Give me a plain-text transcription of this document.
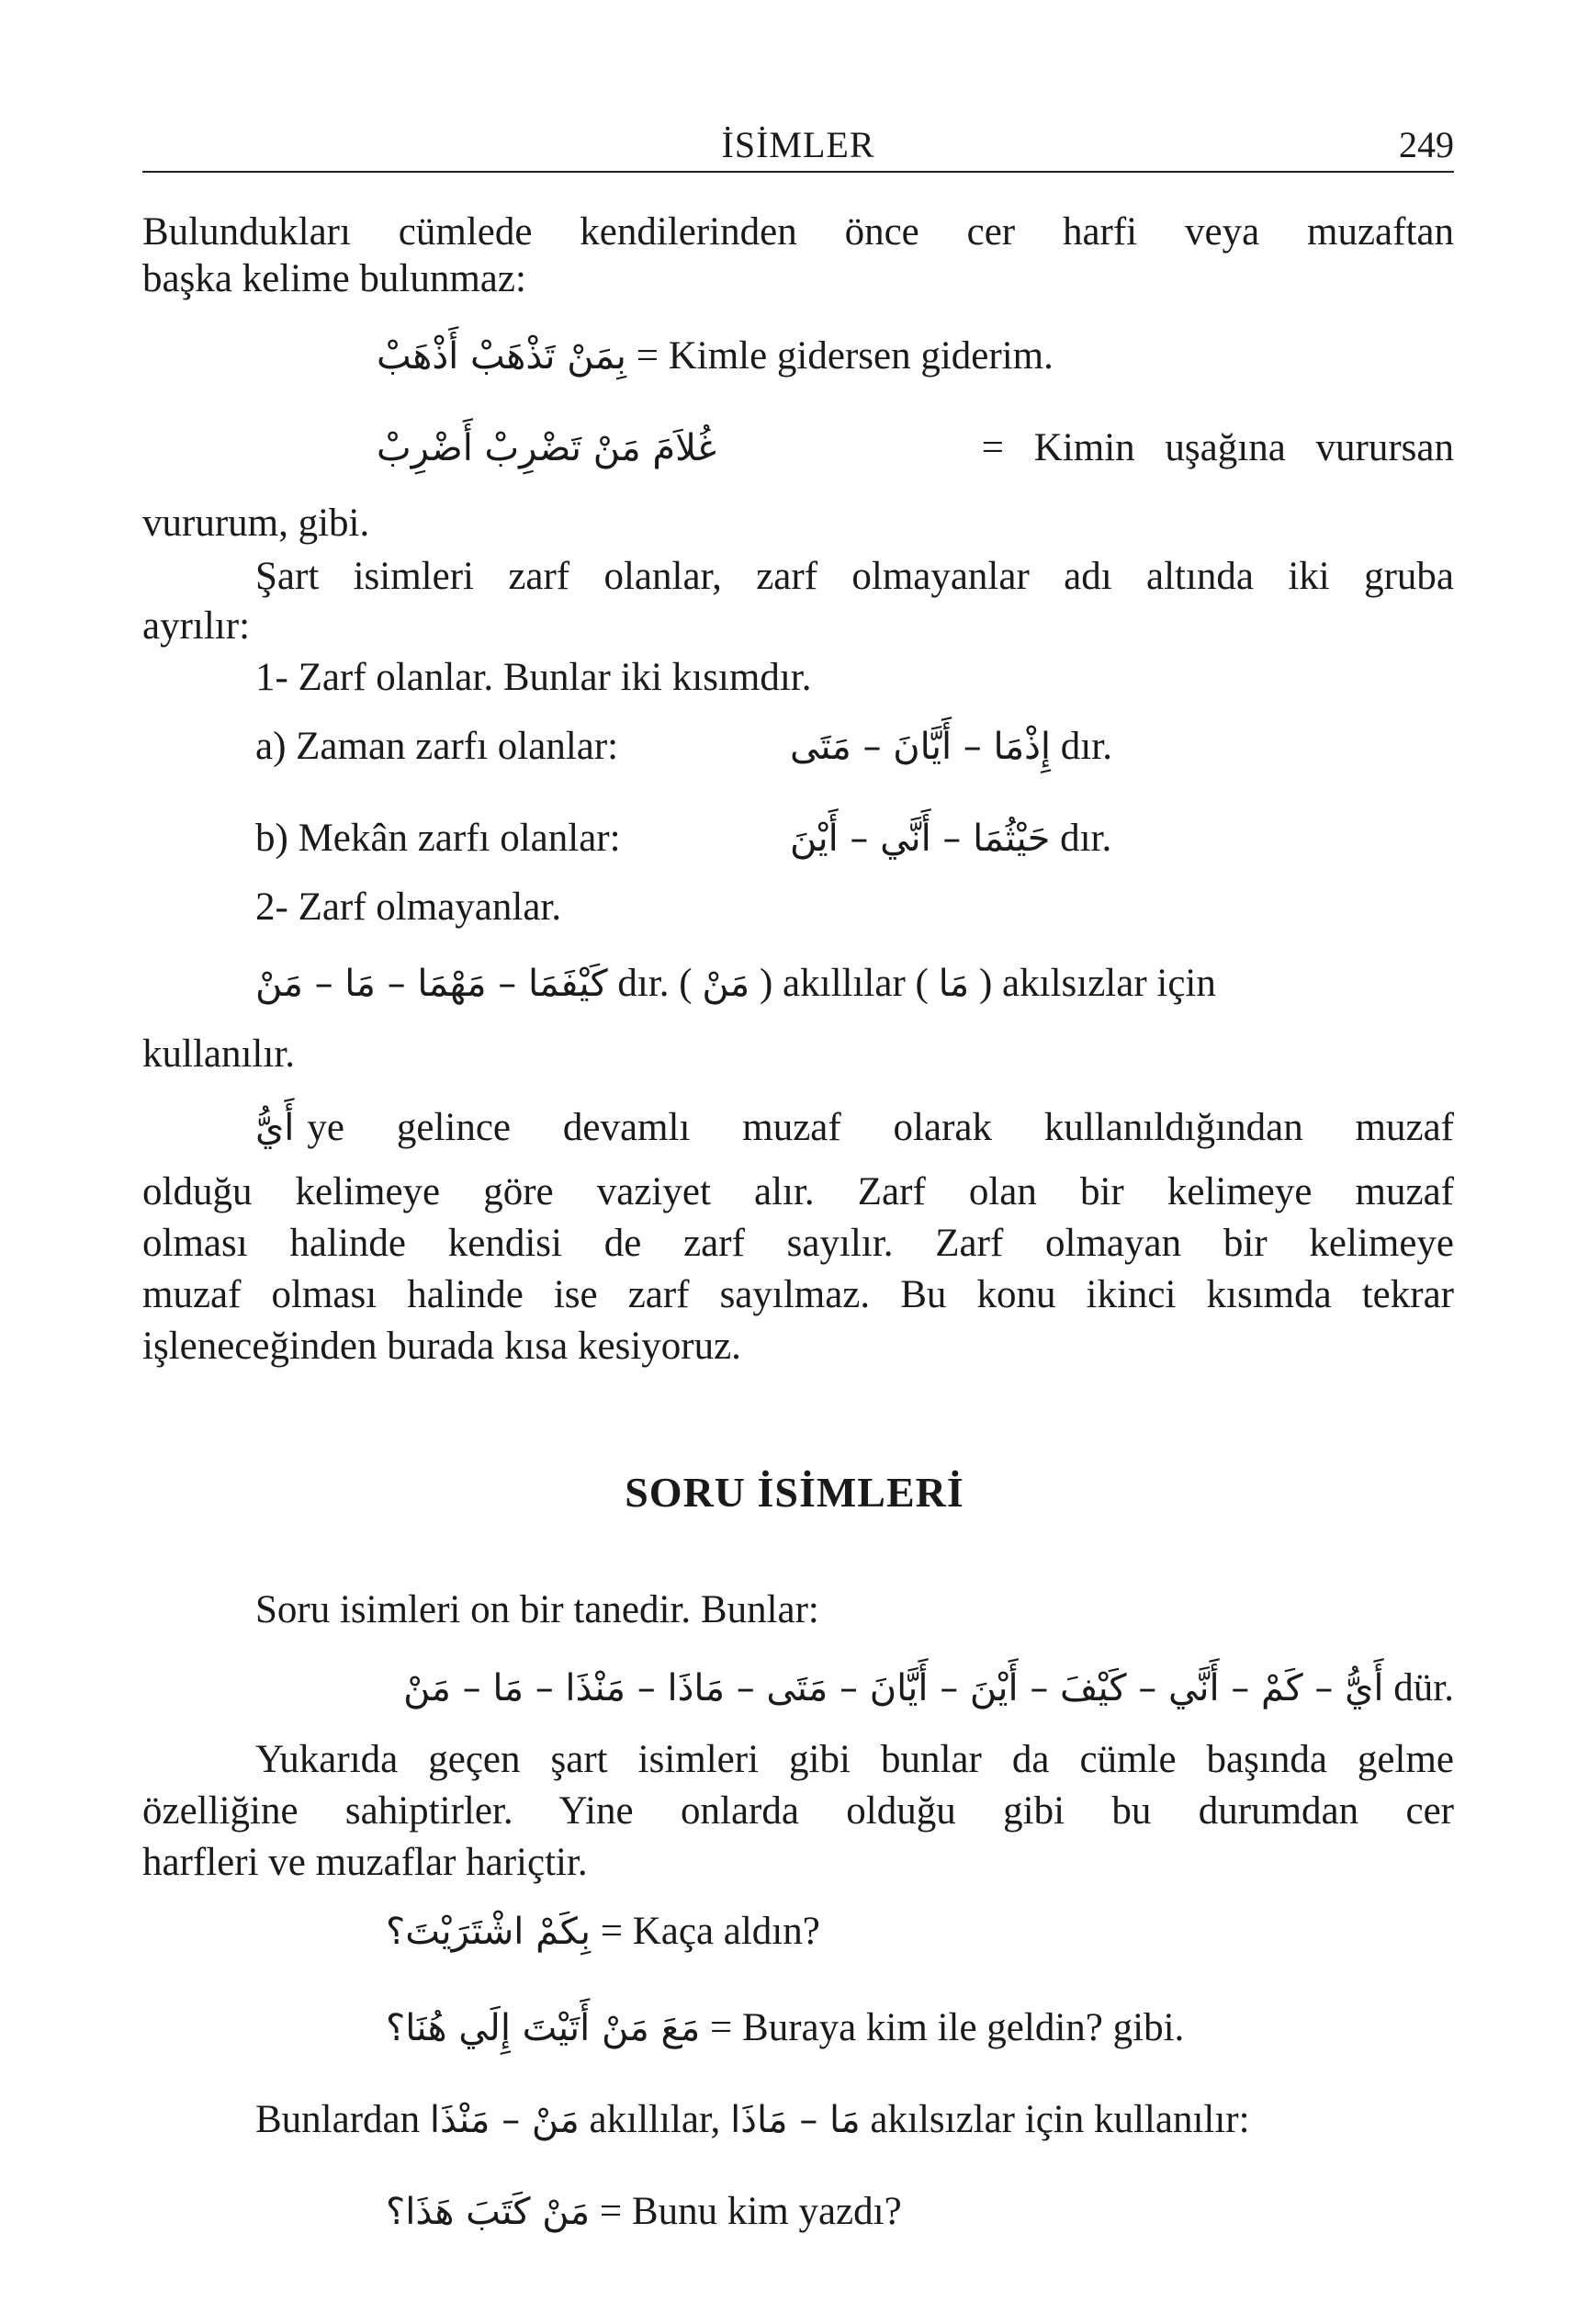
İSİMLER	249
Bulundukları cümlede kendilerinden önce cer harfi veya muzaftan
başka kelime bulunmaz:
بِمَنْ تَذْهَبْ أَذْهَبْ = Kimle gidersen giderim.
غُلاَمَ مَنْ تَضْرِبْ أَضْرِبْ	= Kimin uşağına vurursan
vururum, gibi.
Şart isimleri zarf olanlar, zarf olmayanlar adı altında iki gruba
ayrılır:
1- Zarf olanlar. Bunlar iki kısımdır.
a) Zaman zarfı olanlar:	إِذْمَا – أَيَّانَ – مَتَى dır.
b) Mekân zarfı olanlar:	حَيْثُمَا – أَنَّي – أَيْنَ dır.
2- Zarf olmayanlar.
كَيْفَمَا – مَهْمَا – مَا – مَنْ dır. ( مَنْ ) akıllılar ( مَا ) akılsızlar için
kullanılır.
أَيُّ ye gelince devamlı muzaf olarak kullanıldığından muzaf
olduğu kelimeye göre vaziyet alır. Zarf olan bir kelimeye muzaf
olması halinde kendisi de zarf sayılır. Zarf olmayan bir kelimeye
muzaf olması halinde ise zarf sayılmaz. Bu konu ikinci kısımda tekrar
işleneceğinden burada kısa kesiyoruz.
SORU İSİMLERİ
Soru isimleri on bir tanedir. Bunlar:
أَيُّ – كَمْ – أَنَّي – كَيْفَ – أَيْنَ – أَيَّانَ – مَتَى – مَاذَا – مَنْذَا – مَا – مَنْ dür.
Yukarıda geçen şart isimleri gibi bunlar da cümle başında gelme
özelliğine sahiptirler. Yine onlarda olduğu gibi bu durumdan cer
harfleri ve muzaflar hariçtir.
بِكَمْ اشْتَرَيْتَ؟ = Kaça aldın?
مَعَ مَنْ أَتَيْتَ إِلَي هُنَا؟ = Buraya kim ile geldin? gibi.
Bunlardan مَنْ – مَنْذَا akıllılar, مَا – مَاذَا akılsızlar için kullanılır:
مَنْ كَتَبَ هَذَا؟ = Bunu kim yazdı?
